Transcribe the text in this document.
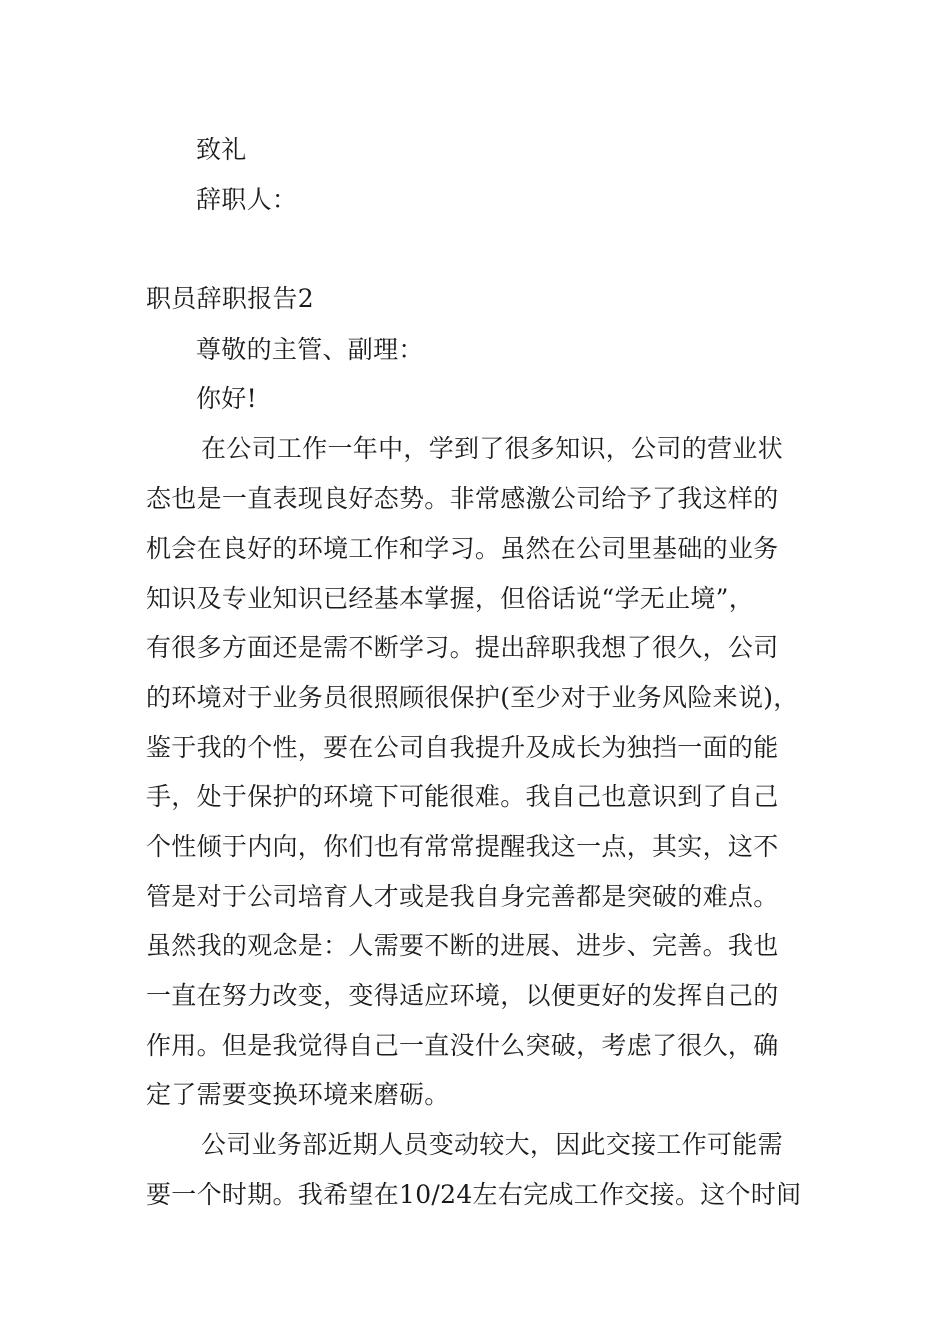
致礼
辞职人：
职员辞职报告2
尊敬的主管、副理：
你好!
在公司工作一年中，学到了很多知识，公司的营业状
态也是一直表现良好态势。非常感激公司给予了我这样的
机会在良好的环境工作和学习。虽然在公司里基础的业务
知识及专业知识已经基本掌握，但俗话说“学无止境”，
有很多方面还是需不断学习。提出辞职我想了很久，公司
的环境对于业务员很照顾很保护(至少对于业务风险来说)，
鉴于我的个性，要在公司自我提升及成长为独挡一面的能
手，处于保护的环境下可能很难。我自己也意识到了自己
个性倾于内向，你们也有常常提醒我这一点，其实，这不
管是对于公司培育人才或是我自身完善都是突破的难点。
虽然我的观念是：人需要不断的进展、进步、完善。我也
一直在努力改变，变得适应环境，以便更好的发挥自己的
作用。但是我觉得自己一直没什么突破，考虑了很久，确
定了需要变换环境来磨砺。
公司业务部近期人员变动较大，因此交接工作可能需
要一个时期。我希望在10/24左右完成工作交接。这个时间
